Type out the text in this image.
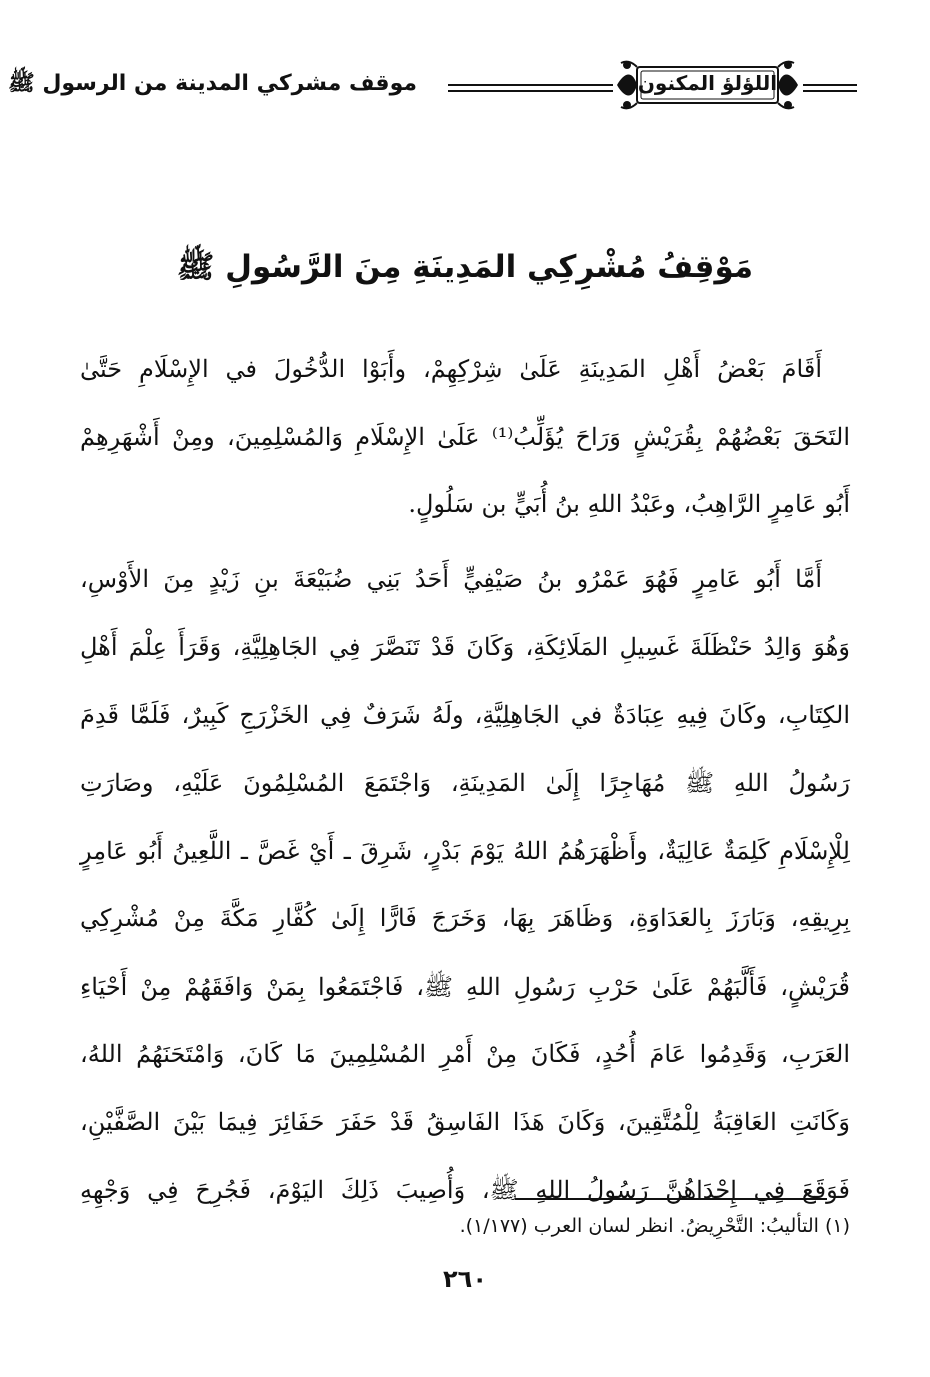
اللؤلؤ المكنون
موقف مشركي المدينة من الرسول ﷺ
مَوْقِفُ مُشْرِكِي المَدِينَةِ مِنَ الرَّسُولِ ﷺ
أَقَامَ بَعْضُ أَهْلِ المَدِينَةِ عَلَىٰ شِرْكِهِمْ، وأَبَوْا الدُّخُولَ في الإِسْلَامِ حَتَّىٰ
التَحَقَ بَعْضُهُمْ بِقُرَيْشٍ وَرَاحَ يُؤَلِّبُ⁽¹⁾ عَلَىٰ الإِسْلَامِ وَالمُسْلِمِينَ، ومِنْ أَشْهَرِهِمْ
أَبُو عَامِرٍ الرَّاهِبُ، وعَبْدُ اللهِ بنُ أُبَيٍّ بن سَلُولٍ.
أَمَّا أَبُو عَامِرٍ فَهُوَ عَمْرُو بنُ صَيْفِيٍّ أَحَدُ بَنِي ضُبَيْعَةَ بنِ زَيْدٍ مِنَ الأَوْسِ،
وَهُوَ وَالِدُ حَنْظَلَةَ غَسِيلِ المَلَائِكَةِ، وَكَانَ قَدْ تَنَصَّرَ فِي الجَاهِلِيَّةِ، وَقَرَأَ عِلْمَ أَهْلِ
الكِتَابِ، وكَانَ فِيهِ عِبَادَةٌ في الجَاهِلِيَّةِ، ولَهُ شَرَفٌ فِي الخَزْرَجِ كَبِيرٌ، فَلَمَّا قَدِمَ
رَسُولُ اللهِ ﷺ مُهَاجِرًا إِلَىٰ المَدِينَةِ، وَاجْتَمَعَ المُسْلِمُونَ عَلَيْهِ، وصَارَتِ
لِلْإِسْلَامِ كَلِمَةٌ عَالِيَةٌ، وأَظْهَرَهُمُ اللهُ يَوْمَ بَدْرٍ، شَرِقَ ـ أَيْ غَصَّ ـ اللَّعِينُ أَبُو عَامِرٍ
بِرِيقِهِ، وَبَارَزَ بِالعَدَاوَةِ، وَظَاهَرَ بِهَا، وَخَرَجَ فَارًّا إِلَىٰ كُفَّارِ مَكَّةَ مِنْ مُشْرِكِي
قُرَيْشٍ، فَأَلَّبَهُمْ عَلَىٰ حَرْبِ رَسُولِ اللهِ ﷺ، فَاجْتَمَعُوا بِمَنْ وَافَقَهُمْ مِنْ أَحْيَاءِ
العَرَبِ، وَقَدِمُوا عَامَ أُحُدٍ، فَكَانَ مِنْ أَمْرِ المُسْلِمِينَ مَا كَانَ، وَامْتَحَنَهُمُ اللهُ،
وَكَانَتِ العَاقِبَةُ لِلْمُتَّقِينَ، وَكَانَ هَذَا الفَاسِقُ قَدْ حَفَرَ حَفَائِرَ فِيمَا بَيْنَ الصَّفَّيْنِ،
فَوَقَعَ فِي إِحْدَاهُنَّ رَسُولُ اللهِ ﷺ، وَأُصِيبَ ذَلِكَ اليَوْمَ، فَجُرِحَ فِي وَجْهِهِ
(١) التأليبُ: التَّحْرِيضُ. انظر لسان العرب (١/١٧٧).
٢٦٠
